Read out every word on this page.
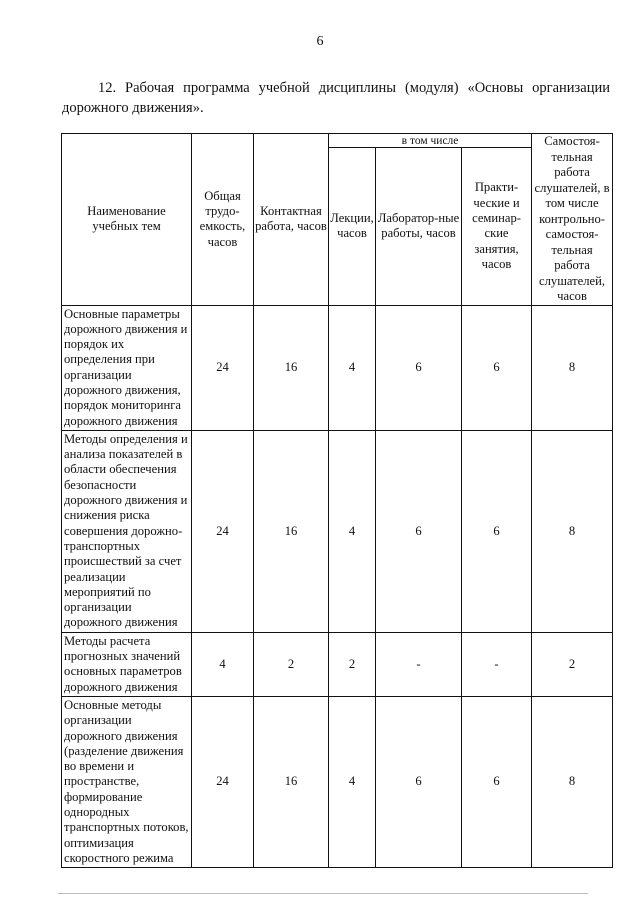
6
12. Рабочая программа учебной дисциплины (модуля) «Основы организации дорожного движения».
Наименование учебных тем	Общая трудо-емкость, часов	Контактная работа, часов	в том числе			Самостоя-тельная работа слушателей, в том числе контрольно-самостоя-тельная работа слушателей, часов
			Лекции, часов	Лаборатор-ные работы, часов	Практи-ческие и семинар-ские занятия, часов	
Основные параметры дорожного движения и порядок их определения при организации дорожного движения, порядок мониторинга дорожного движения	24	16	4	6	6	8
Методы определения и анализа показателей в области обеспечения безопасности дорожного движения и снижения риска совершения дорожно-транспортных происшествий за счет реализации мероприятий по организации дорожного движения	24	16	4	6	6	8
Методы расчета прогнозных значений основных параметров дорожного движения	4	2	2	-	-	2
Основные методы организации дорожного движения (разделение движения во времени и пространстве, формирование однородных транспортных потоков, оптимизация скоростного режима	24	16	4	6	6	8
